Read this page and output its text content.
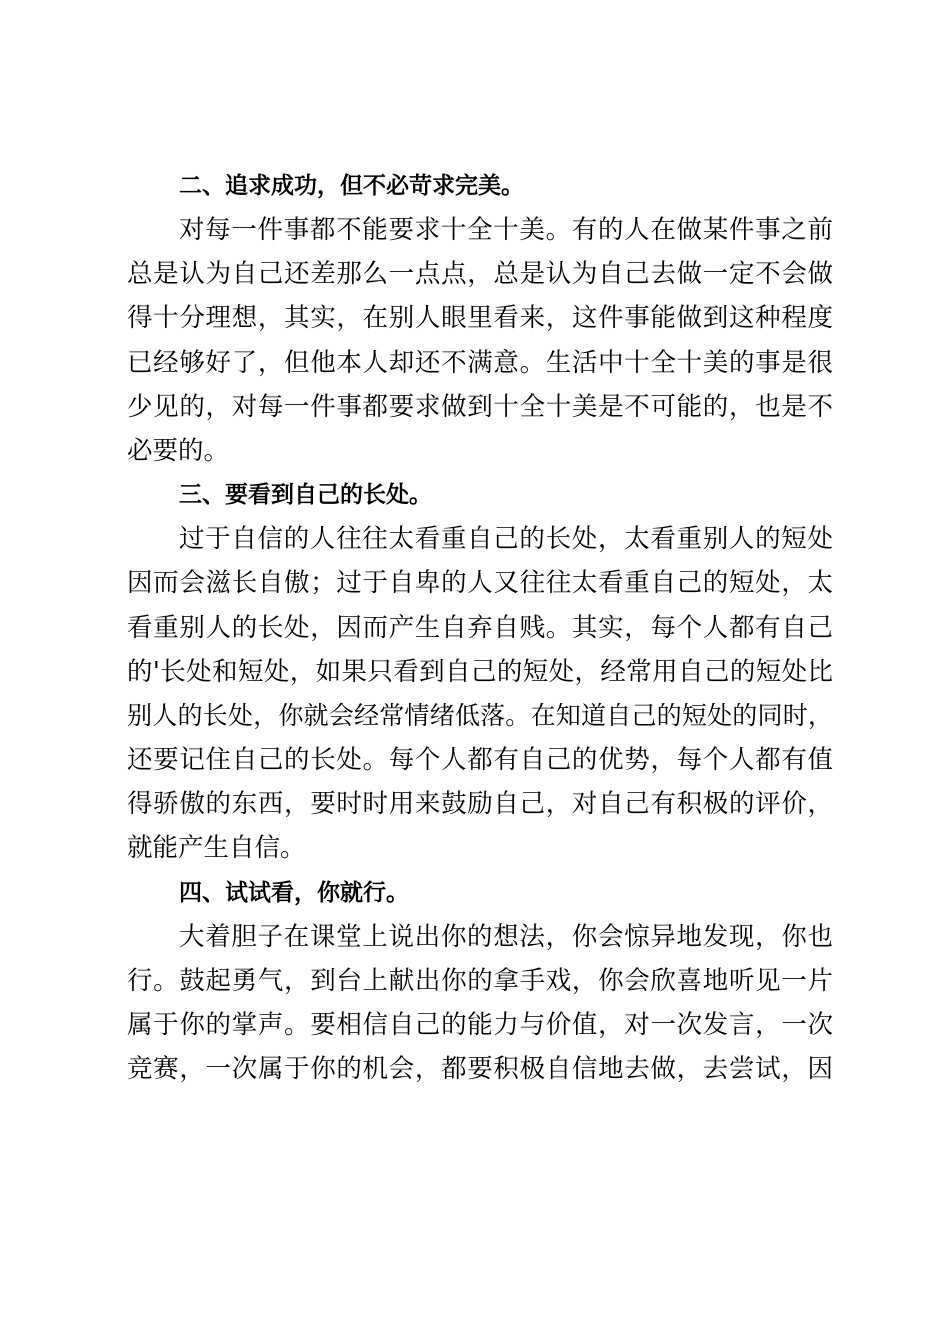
二、追求成功，但不必苛求完美。
对每一件事都不能要求十全十美。有的人在做某件事之前
总是认为自己还差那么一点点，总是认为自己去做一定不会做
得十分理想，其实，在别人眼里看来，这件事能做到这种程度
已经够好了，但他本人却还不满意。生活中十全十美的事是很
少见的，对每一件事都要求做到十全十美是不可能的，也是不
必要的。
三、要看到自己的长处。
过于自信的人往往太看重自己的长处，太看重别人的短处
因而会滋长自傲；过于自卑的人又往往太看重自己的短处，太
看重别人的长处，因而产生自弃自贱。其实，每个人都有自己
的'长处和短处，如果只看到自己的短处，经常用自己的短处比
别人的长处，你就会经常情绪低落。在知道自己的短处的同时，
还要记住自己的长处。每个人都有自己的优势，每个人都有值
得骄傲的东西，要时时用来鼓励自己，对自己有积极的评价，
就能产生自信。
四、试试看，你就行。
大着胆子在课堂上说出你的想法，你会惊异地发现，你也
行。鼓起勇气，到台上献出你的拿手戏，你会欣喜地听见一片
属于你的掌声。要相信自己的能力与价值，对一次发言，一次
竞赛，一次属于你的机会，都要积极自信地去做，去尝试，因
